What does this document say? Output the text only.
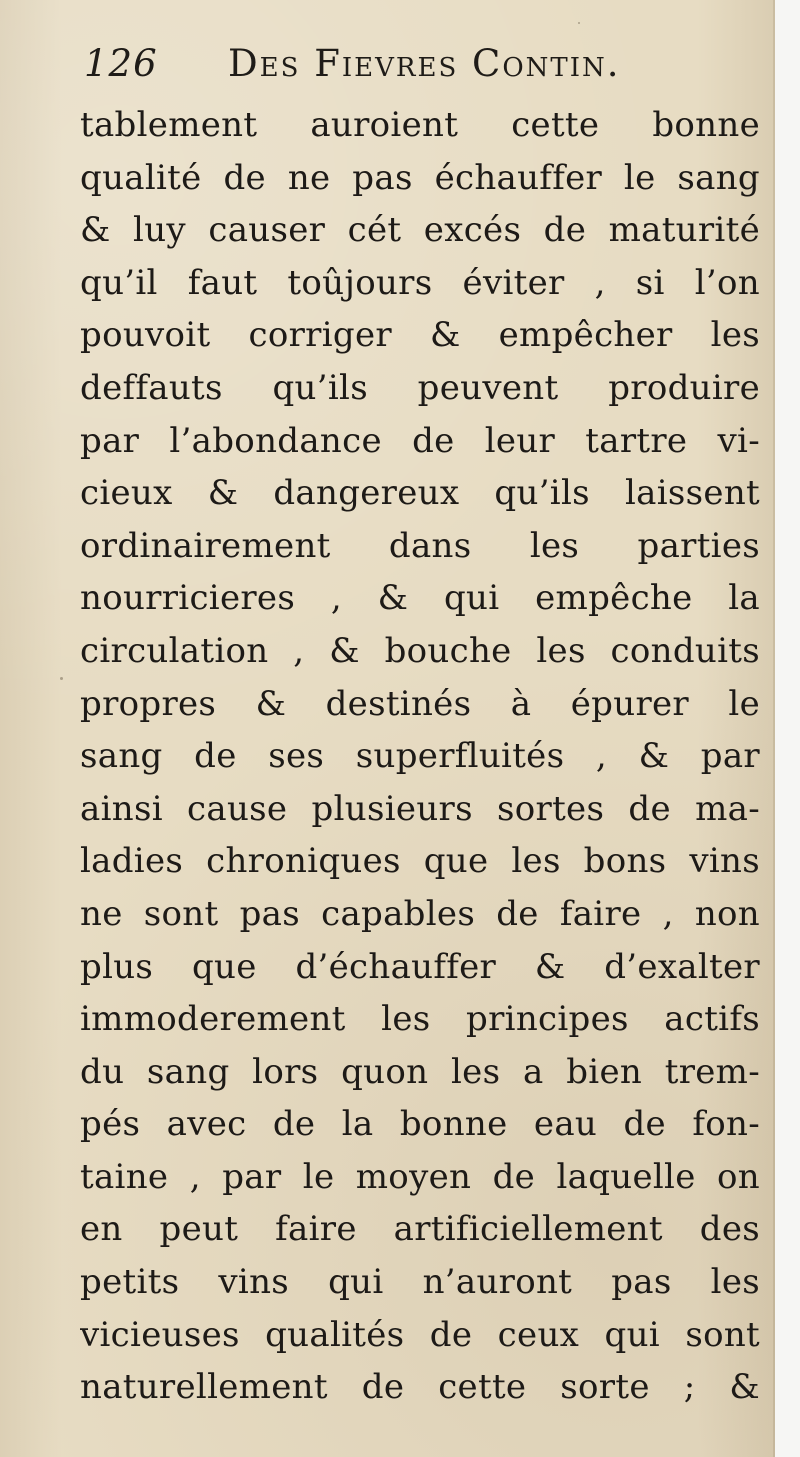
126 Des Fievres Contin.
tablement auroient cette bonne
qualité de ne pas échauffer le sang
& luy causer cét excés de maturité
qu’il faut toûjours éviter , si l’on
pouvoit corriger & empêcher les
deffauts qu’ils peuvent produire
par l’abondance de leur tartre vi-
cieux & dangereux qu’ils laissent
ordinairement dans les parties
nourricieres , & qui empêche la
circulation , & bouche les conduits
propres & destinés à épurer le
sang de ses superfluités , & par
ainsi cause plusieurs sortes de ma-
ladies chroniques que les bons vins
ne sont pas capables de faire , non
plus que d’échauffer & d’exalter
immoderement les principes actifs
du sang lors quon les a bien trem-
pés avec de la bonne eau de fon-
taine , par le moyen de laquelle on
en peut faire artificiellement des
petits vins qui n’auront pas les
vicieuses qualités de ceux qui sont
naturellement de cette sorte ; &
